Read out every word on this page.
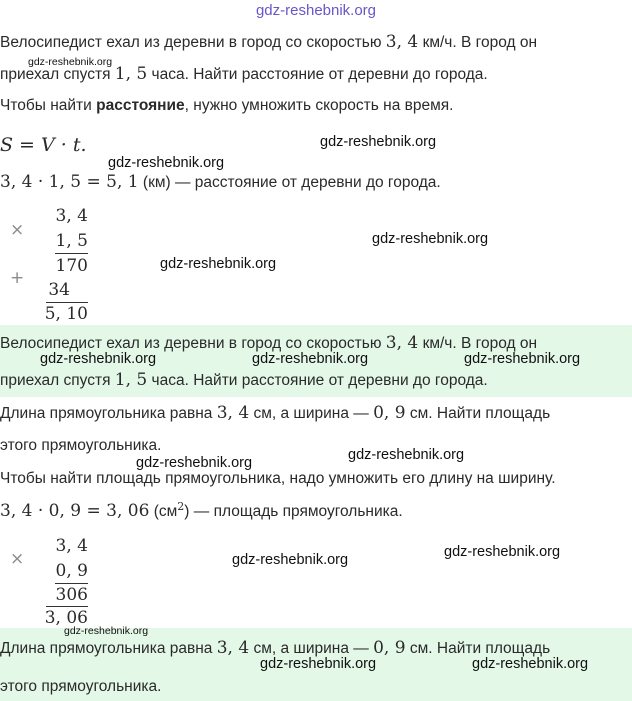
gdz-reshebnik.org
Велосипедист ехал из деревни в город со скоростью 3, 4 км/ч. В город он
gdz-reshebnik.org
приехал спустя 1, 5 часа. Найти расстояние от деревни до города.
Чтобы найти расстояние, нужно умножить скорость на время.
S = V · t.	gdz-reshebnik.org
gdz-reshebnik.org
3, 4 · 1, 5 = 5, 1 (км) — расстояние от деревни до города.
×
3, 4
1, 5
170
+
34
5, 10
gdz-reshebnik.org
gdz-reshebnik.org
Велосипедист ехал из деревни в город со скоростью 3, 4 км/ч. В город он
gdz-reshebnik.org	gdz-reshebnik.org	gdz-reshebnik.org
приехал спустя 1, 5 часа. Найти расстояние от деревни до города.
Длина прямоугольника равна 3, 4 см, а ширина — 0, 9 см. Найти площадь
этого прямоугольника.
gdz-reshebnik.org
gdz-reshebnik.org
Чтобы найти площадь прямоугольника, надо умножить его длину на ширину.
3, 4 · 0, 9 = 3, 06 $(см^2)$ — площадь прямоугольника.
×
3, 4
0, 9
306
3, 06
gdz-reshebnik.org
gdz-reshebnik.org
gdz-reshebnik.org
Длина прямоугольника равна 3, 4 см, а ширина — 0, 9 см. Найти площадь
gdz-reshebnik.org	gdz-reshebnik.org
этого прямоугольника.
